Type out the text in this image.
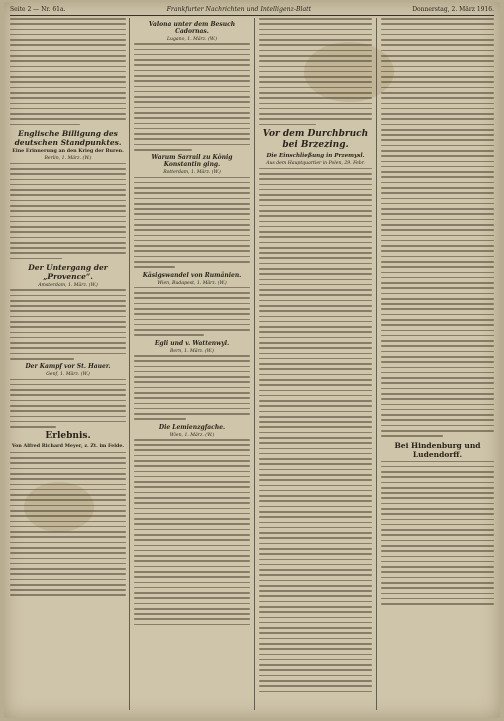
Seite 2 — Nr. 61a.	Frankfurter Nachrichten und Intelligenz-Blatt	Donnerstag, 2. März 1916.
Englische Billigung des deutschen Standpunktes.
Eine Erinnerung an den Krieg der Buren.
Berlin, 1. März. (W.)
Der Untergang der „Provence“.
Amsterdam, 1. März. (W.)
Der Kampf vor St. Hauer.
Genf, 1. März. (W.)
Erlebnis.
Von Alfred Richard Meyer, z. Zt. im Felde.
Valona unter dem Besuch Cadornas.
Lugano, 1. März. (W.)
Warum Sarrail zu König Konstantin ging.
Rotterdam, 1. März. (W.)
Käsigswandel von Rumänien.
Wien, Budapest, 1. März. (W.)
Egli und v. Wattenwyl.
Bern, 1. März. (W.)
Die Lemienzgfache.
Wien, 1. März. (W.)
Vor dem Durchbruch bei Brzezing.
Die Einschließung in Przemysl.
Aus dem Hauptquartier in Polen, 29. Febr.
Bei Hindenburg und Ludendorff.
